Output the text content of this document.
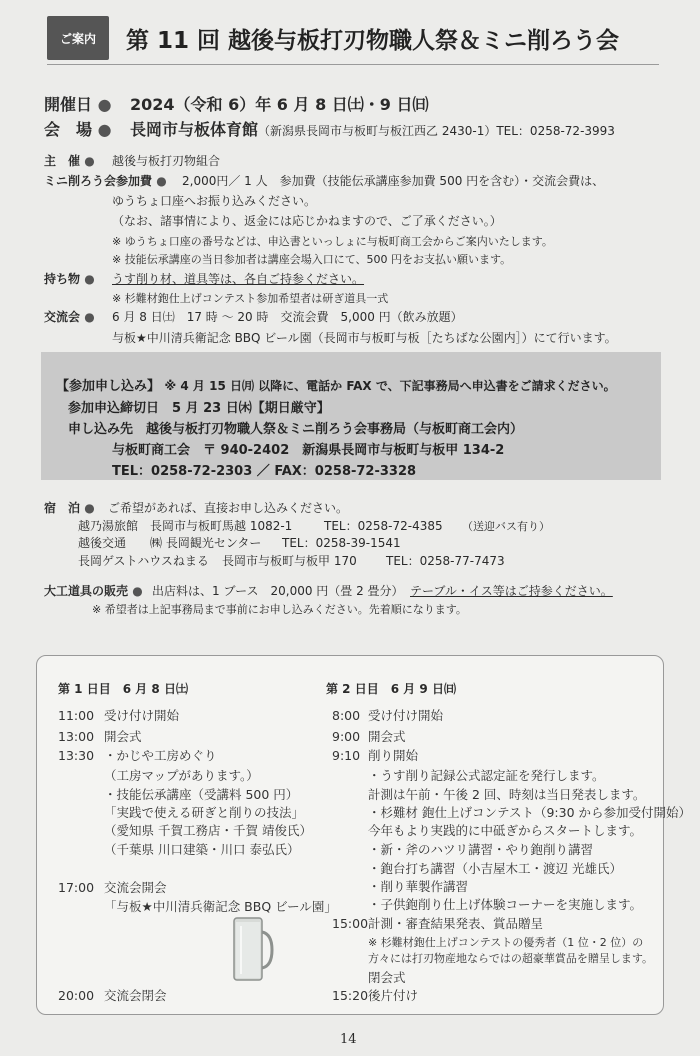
ご案内	第 11 回 越後与板打刃物職人祭＆ミニ削ろう会
開催日 ● 2024（令和 6）年 6 月 8 日㈯・9 日㈰
会　場 ● 長岡市与板体育館（新潟県長岡市与板町与板江西乙 2430-1）TEL：0258-72-3993
主　催 ● 越後与板打刃物組合
ミニ削ろう会参加費 ● 2,000円／ 1 人　参加費（技能伝承講座参加費 500 円を含む）・交流会費は、
ゆうちょ口座へお振り込みください。
（なお、諸事情により、返金には応じかねますので、ご了承ください。）
※ ゆうちょ口座の番号などは、申込書といっしょに与板町商工会からご案内いたします。
※ 技能伝承講座の当日参加者は講座会場入口にて、500 円をお支払い願います。
持ち物 ● うす削り材、道具等は、各自ご持参ください。
※ 杉難材鉋仕上げコンテスト参加希望者は研ぎ道具一式
交流会 ● 6 月 8 日㈯　17 時 〜 20 時　交流会費　5,000 円（飲み放題）
与板★中川清兵衛記念 BBQ ビール園（長岡市与板町与板［たちばな公園内］）にて行います。
【参加申し込み】 ※ 4 月 15 日㈪ 以降に、電話か FAX で、下記事務局へ申込書をご請求ください。
参加申込締切日　5 月 23 日㈭【期日厳守】
申し込み先　越後与板打刃物職人祭＆ミニ削ろう会事務局（与板町商工会内）
与板町商工会　〒 940-2402　新潟県長岡市与板町与板甲 134-2
TEL：0258-72-2303 ／ FAX：0258-72-3328
宿　泊 ● ご希望があれば、直接お申し込みください。
越乃湯旅館 長岡市与板町馬越 1082-1	TEL：0258-72-4385 （送迎バス有り）
越後交通 ㈱ 長岡観光センター TEL：0258-39-1541
長岡ゲストハウスねまる 長岡市与板町与板甲 170 TEL：0258-77-7473
大工道具の販売 ● 出店料は、1 ブース　20,000 円（畳 2 畳分） テーブル・イス等はご持参ください。
※ 希望者は上記事務局まで事前にお申し込みください。先着順になります。
第 1 日目　6 月 8 日㈯	第 2 日目　6 月 9 日㈰
11:00 受け付け開始
13:00 開会式
13:30 ・かじや工房めぐり
（工房マップがあります。）
・技能伝承講座（受講料 500 円）
「実践で使える研ぎと削りの技法」
（愛知県 千賀工務店・千賀 靖俊氏）
（千葉県 川口建築・川口 泰弘氏）
17:00 交流会開会
「与板★中川清兵衛記念 BBQ ビール園」
20:00 交流会閉会
8:00 受け付け開始
9:00 開会式
9:10 削り開始
・うす削り記録公式認定証を発行します。
計測は午前・午後 2 回、時刻は当日発表します。
・杉難材 鉋仕上げコンテスト（9:30 から参加受付開始）
今年もより実践的に中砥ぎからスタートします。
・新・斧のハツリ講習・やり鉋削り講習
・鉋台打ち講習（小吉屋木工・渡辺 光雄氏）
・削り華製作講習
・子供鉋削り仕上げ体験コーナーを実施します。
15:00計測・審査結果発表、賞品贈呈
※ 杉難材鉋仕上げコンテストの優秀者（1 位・2 位）の
方々には打刃物産地ならではの超豪華賞品を贈呈します。
閉会式
15:20後片付け
14
